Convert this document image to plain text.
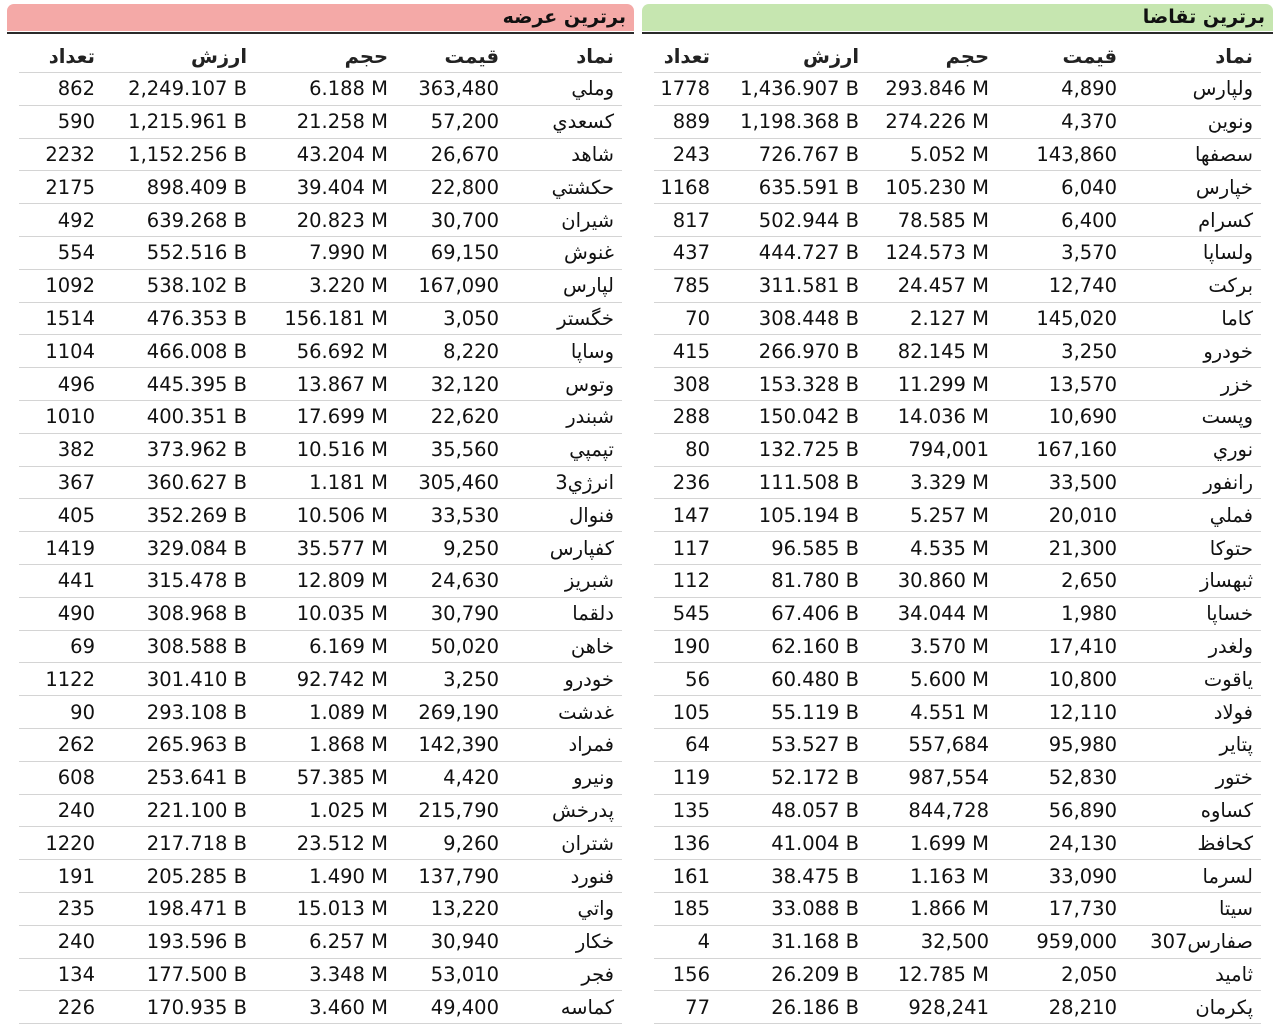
برترین تقاضا
نماد
قیمت
حجم
ارزش
تعداد
ولپارس
4,890
293.846 M
1,436.907 B
1778
ونوین
4,370
274.226 M
1,198.368 B
889
سصفها
143,860
5.052 M
726.767 B
243
خپارس
6,040
105.230 M
635.591 B
1168
کسرام
6,400
78.585 M
502.944 B
817
ولساپا
3,570
124.573 M
444.727 B
437
برکت
12,740
24.457 M
311.581 B
785
کاما
145,020
2.127 M
308.448 B
70
خودرو
3,250
82.145 M
266.970 B
415
خزر
13,570
11.299 M
153.328 B
308
وپست
10,690
14.036 M
150.042 B
288
نوري
167,160
794,001
132.725 B
80
رانفور
33,500
3.329 M
111.508 B
236
فملي
20,010
5.257 M
105.194 B
147
حتوکا
21,300
4.535 M
96.585 B
117
ثبهساز
2,650
30.860 M
81.780 B
112
خساپا
1,980
34.044 M
67.406 B
545
ولغدر
17,410
3.570 M
62.160 B
190
یاقوت
10,800
5.600 M
60.480 B
56
فولاد
12,110
4.551 M
55.119 B
105
پتایر
95,980
557,684
53.527 B
64
ختور
52,830
987,554
52.172 B
119
کساوه
56,890
844,728
48.057 B
135
کحافظ
24,130
1.699 M
41.004 B
136
لسرما
33,090
1.163 M
38.475 B
161
سیتا
17,730
1.866 M
33.088 B
185
صفارس307
959,000
32,500
31.168 B
4
ثامید
2,050
12.785 M
26.209 B
156
پکرمان
28,210
928,241
26.186 B
77
برترین عرضه
نماد
قیمت
حجم
ارزش
تعداد
وملي
363,480
6.188 M
2,249.107 B
862
کسعدي
57,200
21.258 M
1,215.961 B
590
شاهد
26,670
43.204 M
1,152.256 B
2232
حکشتي
22,800
39.404 M
898.409 B
2175
شیران
30,700
20.823 M
639.268 B
492
غنوش
69,150
7.990 M
552.516 B
554
لپارس
167,090
3.220 M
538.102 B
1092
خگستر
3,050
156.181 M
476.353 B
1514
وساپا
8,220
56.692 M
466.008 B
1104
وتوس
32,120
13.867 M
445.395 B
496
شبندر
22,620
17.699 M
400.351 B
1010
تپمپي
35,560
10.516 M
373.962 B
382
انرژي3
305,460
1.181 M
360.627 B
367
فنوال
33,530
10.506 M
352.269 B
405
کفپارس
9,250
35.577 M
329.084 B
1419
شبریز
24,630
12.809 M
315.478 B
441
دلقما
30,790
10.035 M
308.968 B
490
خاهن
50,020
6.169 M
308.588 B
69
خودرو
3,250
92.742 M
301.410 B
1122
غدشت
269,190
1.089 M
293.108 B
90
فمراد
142,390
1.868 M
265.963 B
262
ونیرو
4,420
57.385 M
253.641 B
608
پدرخش
215,790
1.025 M
221.100 B
240
شتران
9,260
23.512 M
217.718 B
1220
فنورد
137,790
1.490 M
205.285 B
191
واتي
13,220
15.013 M
198.471 B
235
خکار
30,940
6.257 M
193.596 B
240
فجر
53,010
3.348 M
177.500 B
134
کماسه
49,400
3.460 M
170.935 B
226
